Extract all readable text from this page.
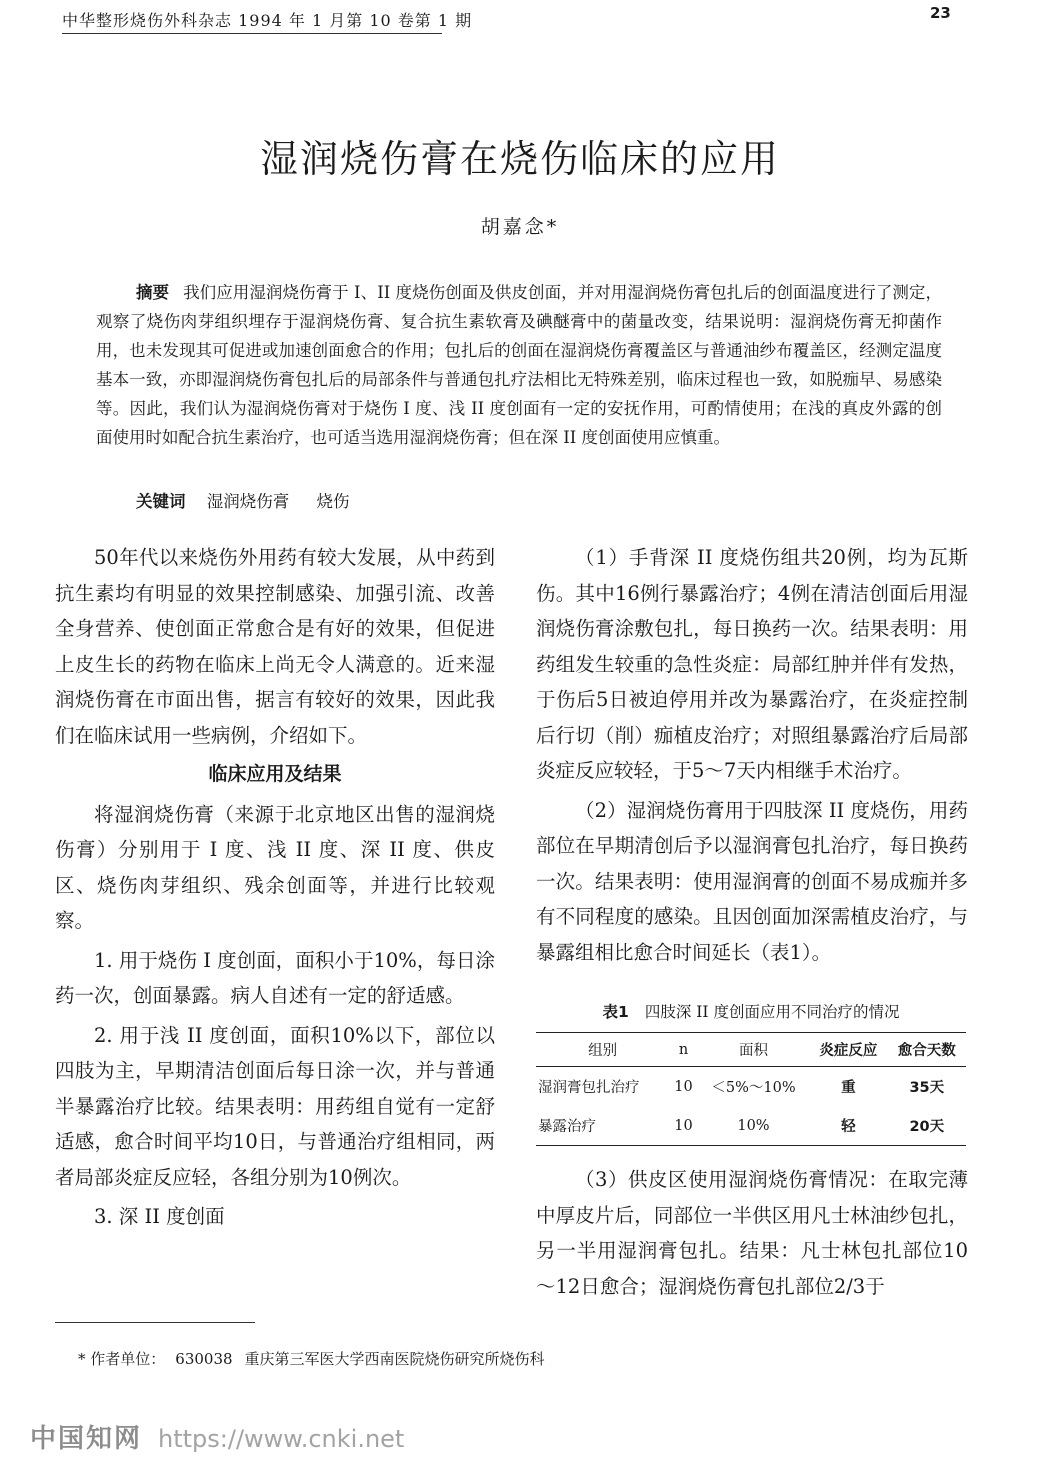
中华整形烧伤外科杂志 1994 年 1 月第 10 卷第 1 期	23
湿润烧伤膏在烧伤临床的应用
胡嘉念*
摘要 我们应用湿润烧伤膏于 I、II 度烧伤创面及供皮创面，并对用湿润烧伤膏包扎后的创面温度进行了测定，观察了烧伤肉芽组织埋存于湿润烧伤膏、复合抗生素软膏及碘醚膏中的菌量改变，结果说明：湿润烧伤膏无抑菌作用，也未发现其可促进或加速创面愈合的作用；包扎后的创面在湿润烧伤膏覆盖区与普通油纱布覆盖区，经测定温度基本一致，亦即湿润烧伤膏包扎后的局部条件与普通包扎疗法相比无特殊差别，临床过程也一致，如脱痂早、易感染等。因此，我们认为湿润烧伤膏对于烧伤 I 度、浅 II 度创面有一定的安抚作用，可酌情使用；在浅的真皮外露的创面使用时如配合抗生素治疗，也可适当选用湿润烧伤膏；但在深 II 度创面使用应慎重。
关键词 湿润烧伤膏 烧伤

50年代以来烧伤外用药有较大发展，从中药到抗生素均有明显的效果控制感染、加强引流、改善全身营养、使创面正常愈合是有好的效果，但促进上皮生长的药物在临床上尚无令人满意的。近来湿润烧伤膏在市面出售，据言有较好的效果，因此我们在临床试用一些病例，介绍如下。

临床应用及结果

将湿润烧伤膏（来源于北京地区出售的湿润烧伤膏）分别用于 I 度、浅 II 度、深 II 度、供皮区、烧伤肉芽组织、残余创面等，并进行比较观察。

1. 用于烧伤 I 度创面，面积小于10%，每日涂药一次，创面暴露。病人自述有一定的舒适感。

2. 用于浅 II 度创面，面积10%以下，部位以四肢为主，早期清洁创面后每日涂一次，并与普通半暴露治疗比较。结果表明：用药组自觉有一定舒适感，愈合时间平均10日，与普通治疗组相同，两者局部炎症反应轻，各组分别为10例次。

3. 深 II 度创面

（1）手背深 II 度烧伤组共20例，均为瓦斯伤。其中16例行暴露治疗；4例在清洁创面后用湿润烧伤膏涂敷包扎，每日换药一次。结果表明：用药组发生较重的急性炎症：局部红肿并伴有发热，于伤后5日被迫停用并改为暴露治疗，在炎症控制后行切（削）痂植皮治疗；对照组暴露治疗后局部炎症反应较轻，于5～7天内相继手术治疗。

（2）湿润烧伤膏用于四肢深 II 度烧伤，用药部位在早期清创后予以湿润膏包扎治疗，每日换药一次。结果表明：使用湿润膏的创面不易成痂并多有不同程度的感染。且因创面加深需植皮治疗，与暴露组相比愈合时间延长（表1）。

表1 四肢深 II 度创面应用不同治疗的情况
组别	n	面积	炎症反应	愈合天数
湿润膏包扎治疗	10	＜5%～10%	重	35天
暴露治疗	10	10%	轻	20天

（3）供皮区使用湿润烧伤膏情况：在取完薄中厚皮片后，同部位一半供区用凡士林油纱包扎，另一半用湿润膏包扎。结果：凡士林包扎部位10～12日愈合；湿润烧伤膏包扎部位2/3于

* 作者单位： 630038 重庆第三军医大学西南医院烧伤研究所烧伤科
中国知网 https://www.cnki.net
